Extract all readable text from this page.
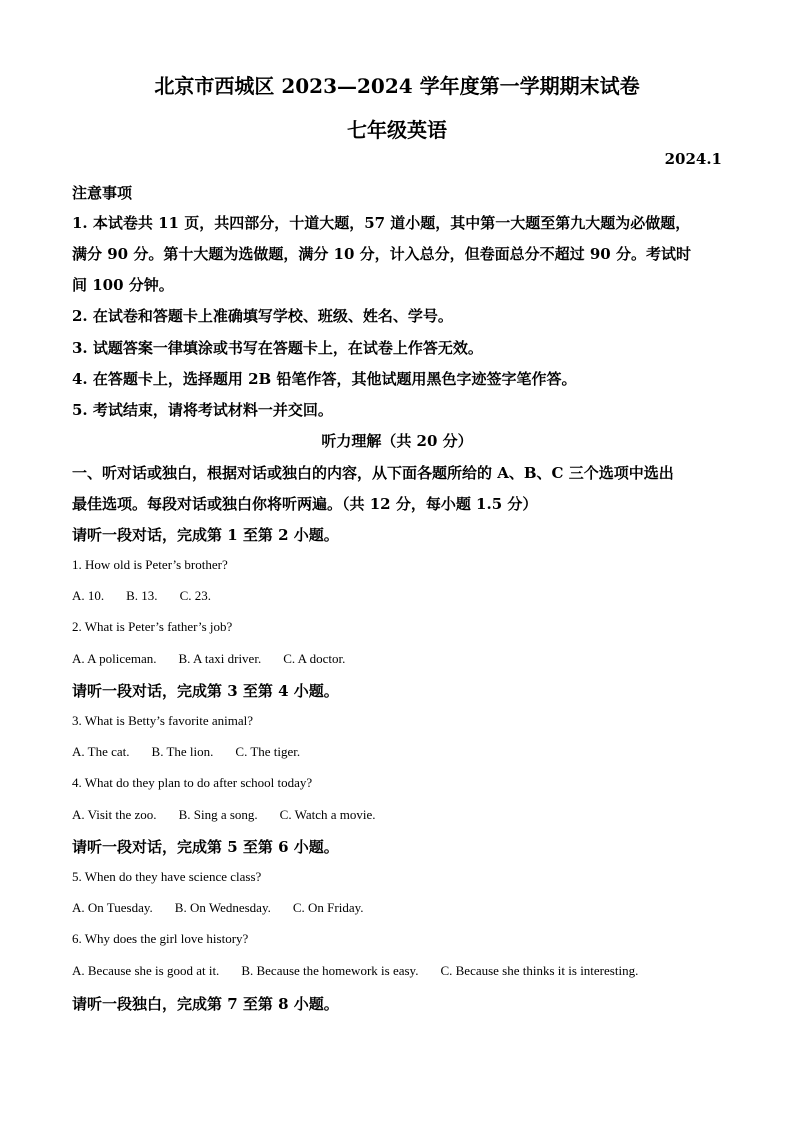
北京市西城区 2023—2024 学年度第一学期期末试卷
七年级英语
2024.1
注意事项
1. 本试卷共 11 页，共四部分，十道大题，57 道小题，其中第一大题至第九大题为必做题，
满分 90 分。第十大题为选做题，满分 10 分，计入总分，但卷面总分不超过 90 分。考试时
间 100 分钟。
2. 在试卷和答题卡上准确填写学校、班级、姓名、学号。
3. 试题答案一律填涂或书写在答题卡上，在试卷上作答无效。
4. 在答题卡上，选择题用 2B 铅笔作答，其他试题用黑色字迹签字笔作答。
5. 考试结束，请将考试材料一并交回。
听力理解（共 20 分）
一、听对话或独白，根据对话或独白的内容，从下面各题所给的 A、B、C 三个选项中选出
最佳选项。每段对话或独白你将听两遍。（共 12 分，每小题 1.5 分）
请听一段对话，完成第 1 至第 2 小题。
1. How old is Peter’s brother?
A. 10. B. 13. C. 23.
2. What is Peter’s father’s job?
A. A policeman. B. A taxi driver. C. A doctor.
请听一段对话，完成第 3 至第 4 小题。
3. What is Betty’s favorite animal?
A. The cat. B. The lion. C. The tiger.
4. What do they plan to do after school today?
A. Visit the zoo. B. Sing a song. C. Watch a movie.
请听一段对话，完成第 5 至第 6 小题。
5. When do they have science class?
A. On Tuesday. B. On Wednesday. C. On Friday.
6. Why does the girl love history?
A. Because she is good at it. B. Because the homework is easy. C. Because she thinks it is interesting.
请听一段独白，完成第 7 至第 8 小题。
